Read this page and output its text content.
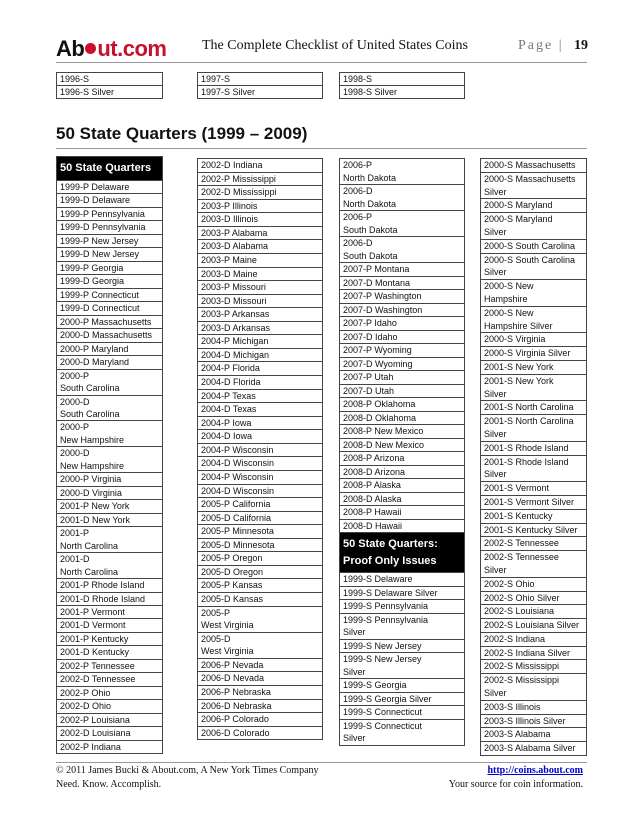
Ab ut.com	The Complete Checklist of United States Coins	Page | 19
1996-S
1996-S Silver
1997-S
1997-S Silver
1998-S
1998-S Silver
50 State Quarters (1999 – 2009)
50 State Quarters
1999-P Delaware
1999-D Delaware
1999-P Pennsylvania
1999-D Pennsylvania
1999-P New Jersey
1999-D New Jersey
1999-P Georgia
1999-D Georgia
1999-P Connecticut
1999-D Connecticut
2000-P Massachusetts
2000-D Massachusetts
2000-P Maryland
2000-D Maryland
2000-P
South Carolina
2000-D
South Carolina
2000-P
New Hampshire
2000-D
New Hampshire
2000-P Virginia
2000-D Virginia
2001-P New York
2001-D New York
2001-P
North Carolina
2001-D
North Carolina
2001-P Rhode Island
2001-D Rhode Island
2001-P Vermont
2001-D Vermont
2001-P Kentucky
2001-D Kentucky
2002-P Tennessee
2002-D Tennessee
2002-P Ohio
2002-D Ohio
2002-P Louisiana
2002-D Louisiana
2002-P Indiana
2002-D Indiana
2002-P Mississippi
2002-D Mississippi
2003-P Illinois
2003-D Illinois
2003-P Alabama
2003-D Alabama
2003-P Maine
2003-D Maine
2003-P Missouri
2003-D Missouri
2003-P Arkansas
2003-D Arkansas
2004-P Michigan
2004-D Michigan
2004-P Florida
2004-D Florida
2004-P Texas
2004-D Texas
2004-P Iowa
2004-D Iowa
2004-P Wisconsin
2004-D Wisconsin
2004-P Wisconsin
2004-D Wisconsin
2005-P California
2005-D California
2005-P Minnesota
2005-D Minnesota
2005-P Oregon
2005-D Oregon
2005-P Kansas
2005-D Kansas
2005-P
West Virginia
2005-D
West Virginia
2006-P Nevada
2006-D Nevada
2006-P Nebraska
2006-D Nebraska
2006-P Colorado
2006-D Colorado
2006-P
North Dakota
2006-D
North Dakota
2006-P
South Dakota
2006-D
South Dakota
2007-P Montana
2007-D Montana
2007-P Washington
2007-D Washington
2007-P Idaho
2007-D Idaho
2007-P Wyoming
2007-D Wyoming
2007-P Utah
2007-D Utah
2008-P Oklahoma
2008-D Oklahoma
2008-P New Mexico
2008-D New Mexico
2008-P Arizona
2008-D Arizona
2008-P Alaska
2008-D Alaska
2008-P Hawaii
2008-D Hawaii
50 State Quarters: Proof Only Issues
1999-S Delaware
1999-S Delaware Silver
1999-S Pennsylvania
1999-S Pennsylvania
Silver
1999-S New Jersey
1999-S New Jersey
Silver
1999-S Georgia
1999-S Georgia Silver
1999-S Connecticut
1999-S Connecticut
Silver
2000-S Massachusetts
2000-S Massachusetts
Silver
2000-S Maryland
2000-S Maryland
Silver
2000-S South Carolina
2000-S South Carolina
Silver
2000-S New
Hampshire
2000-S New
Hampshire Silver
2000-S Virginia
2000-S Virginia Silver
2001-S New York
2001-S New York
Silver
2001-S North Carolina
2001-S North Carolina
Silver
2001-S Rhode Island
2001-S Rhode Island
Silver
2001-S Vermont
2001-S Vermont Silver
2001-S Kentucky
2001-S Kentucky Silver
2002-S Tennessee
2002-S Tennessee
Silver
2002-S Ohio
2002-S Ohio Silver
2002-S Louisiana
2002-S Louisiana Silver
2002-S Indiana
2002-S Indiana Silver
2002-S Mississippi
2002-S Mississippi
Silver
2003-S Illinois
2003-S Illinois Silver
2003-S Alabama
2003-S Alabama Silver
© 2011 James Bucki & About.com, A New York Times Company
Need. Know. Accomplish.
http://coins.about.com
Your source for coin information.
